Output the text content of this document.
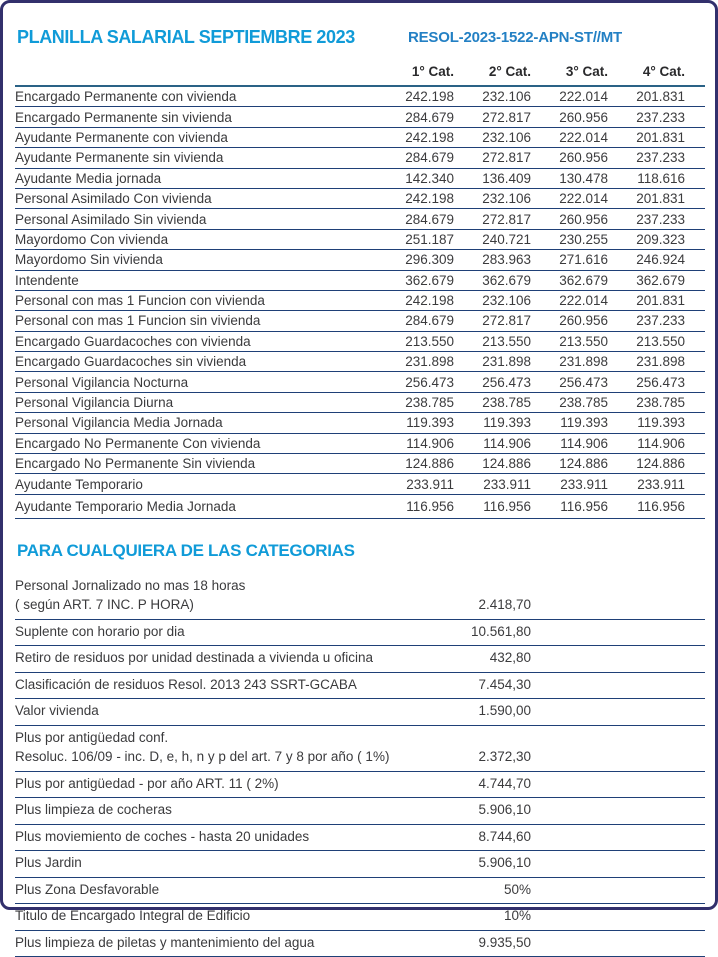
PLANILLA SALARIAL SEPTIEMBRE 2023	RESOL-2023-1522-APN-ST//MT
	1° Cat.	2° Cat.	3° Cat.	4° Cat.
Encargado Permanente con vivienda	242.198	232.106	222.014	201.831
Encargado Permanente sin vivienda	284.679	272.817	260.956	237.233
Ayudante Permanente con vivienda	242.198	232.106	222.014	201.831
Ayudante Permanente sin vivienda	284.679	272.817	260.956	237.233
Ayudante Media jornada	142.340	136.409	130.478	118.616
Personal Asimilado Con vivienda	242.198	232.106	222.014	201.831
Personal Asimilado Sin vivienda	284.679	272.817	260.956	237.233
Mayordomo Con vivienda	251.187	240.721	230.255	209.323
Mayordomo Sin vivienda	296.309	283.963	271.616	246.924
Intendente	362.679	362.679	362.679	362.679
Personal con mas 1 Funcion con vivienda	242.198	232.106	222.014	201.831
Personal con mas 1 Funcion sin vivienda	284.679	272.817	260.956	237.233
Encargado Guardacoches con vivienda	213.550	213.550	213.550	213.550
Encargado Guardacoches sin vivienda	231.898	231.898	231.898	231.898
Personal Vigilancia Nocturna	256.473	256.473	256.473	256.473
Personal Vigilancia Diurna	238.785	238.785	238.785	238.785
Personal Vigilancia Media Jornada	119.393	119.393	119.393	119.393
Encargado No Permanente Con vivienda	114.906	114.906	114.906	114.906
Encargado No Permanente Sin vivienda	124.886	124.886	124.886	124.886
Ayudante Temporario	233.911	233.911	233.911	233.911
Ayudante Temporario Media Jornada	116.956	116.956	116.956	116.956
PARA CUALQUIERA DE LAS CATEGORIAS
Personal Jornalizado no mas 18 horas
( según ART. 7 INC. P HORA)	2.418,70	
Suplente con horario por dia	10.561,80	
Retiro de residuos por unidad destinada a vivienda u oficina	432,80	
Clasificación de residuos Resol. 2013 243 SSRT-GCABA	7.454,30	
Valor vivienda	1.590,00	
Plus por antigüedad conf.
Resoluc. 106/09 - inc. D, e, h, n y p del art. 7 y 8 por año ( 1%)	2.372,30	
Plus por antigüedad - por año ART. 11 ( 2%)	4.744,70	
Plus limpieza de cocheras	5.906,10	
Plus moviemiento de coches - hasta 20 unidades	8.744,60	
Plus Jardin	5.906,10	
Plus Zona Desfavorable	50%	
Titulo de Encargado Integral de Edificio	10%	
Plus limpieza de piletas y mantenimiento del agua	9.935,50	
